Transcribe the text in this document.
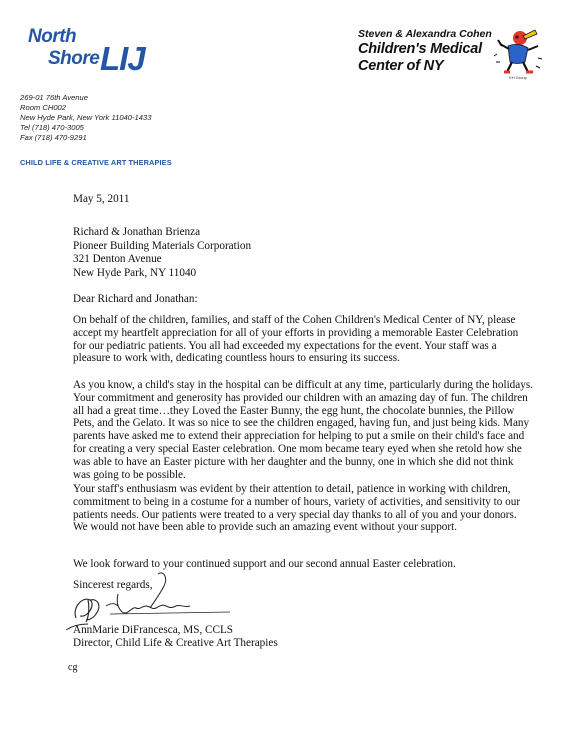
North
Shore LIJ
Steven & Alexandra Cohen
Children's Medical
Center of NY
KH Group
269-01 76th Avenue
Room CH002
New Hyde Park, New York 11040-1433
Tel (718) 470-3005
Fax (718) 470-9291
CHILD LIFE & CREATIVE ART THERAPIES
May 5, 2011
Richard & Jonathan Brienza
Pioneer Building Materials Corporation
321 Denton Avenue
New Hyde Park, NY 11040
Dear Richard and Jonathan:

On behalf of the children, families, and staff of the Cohen Children's Medical Center of NY, please accept my heartfelt appreciation for all of your efforts in providing a memorable Easter Celebration for our pediatric patients. You all had exceeded my expectations for the event. Your staff was a pleasure to work with, dedicating countless hours to ensuring its success.

As you know, a child's stay in the hospital can be difficult at any time, particularly during the holidays. Your commitment and generosity has provided our children with an amazing day of fun. The children all had a great time…they Loved the Easter Bunny, the egg hunt, the chocolate bunnies, the Pillow Pets, and the Gelato. It was so nice to see the children engaged, having fun, and just being kids. Many parents have asked me to extend their appreciation for helping to put a smile on their child's face and for creating a very special Easter celebration. One mom became teary eyed when she retold how she was able to have an Easter picture with her daughter and the bunny, one in which she did not think was going to be possible.

Your staff's enthusiasm was evident by their attention to detail, patience in working with children, commitment to being in a costume for a number of hours, variety of activities, and sensitivity to our patients needs. Our patients were treated to a very special day thanks to all of you and your donors. We would not have been able to provide such an amazing event without your support.

We look forward to your continued support and our second annual Easter celebration.

Sincerest regards,
AnnMarie DiFrancesca, MS, CCLS
Director, Child Life & Creative Art Therapies
cg
